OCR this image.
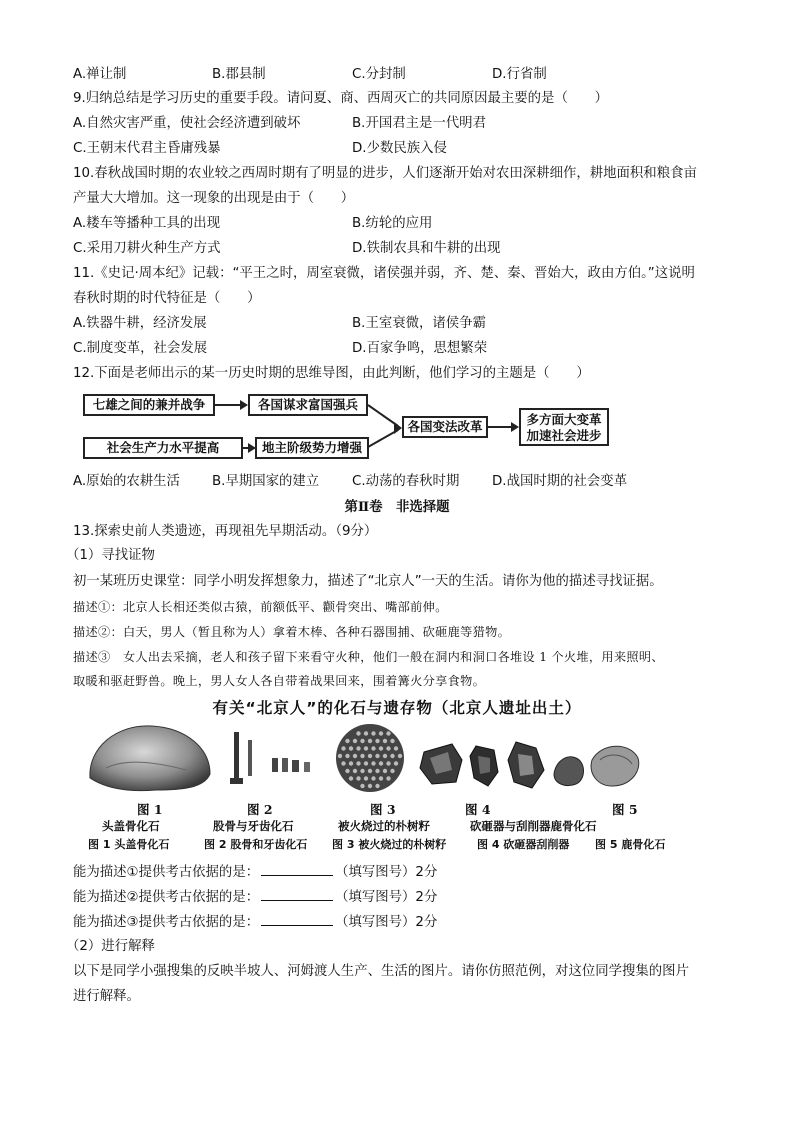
A.禅让制	B.郡县制	C.分封制	D.行省制
9.归纳总结是学习历史的重要手段。请问夏、商、西周灭亡的共同原因最主要的是（　　）
A.自然灾害严重，使社会经济遭到破坏	B.开国君主是一代明君
C.王朝末代君主昏庸残暴	D.少数民族入侵
10.春秋战国时期的农业较之西周时期有了明显的进步，人们逐渐开始对农田深耕细作，耕地面积和粮食亩
产量大大增加。这一现象的出现是由于（　　）
A.耧车等播种工具的出现	B.纺轮的应用
C.采用刀耕火种生产方式	D.铁制农具和牛耕的出现
11.《史记·周本纪》记载：“平王之时，周室衰微，诸侯强并弱，齐、楚、秦、晋始大，政由方伯。”这说明
春秋时期的时代特征是（　　）
A.铁器牛耕，经济发展	B.王室衰微，诸侯争霸
C.制度变革，社会发展	D.百家争鸣，思想繁荣
12.下面是老师出示的某一历史时期的思维导图，由此判断，他们学习的主题是（　　）
七雄之间的兼并战争	各国谋求富国强兵
社会生产力水平提高	地主阶级势力增强
各国变法改革	多方面大变革
加速社会进步
A.原始的农耕生活 B.早期国家的建立 C.动荡的春秋时期 D.战国时期的社会变革
第Ⅱ卷　非选择题
13.探索史前人类遗迹，再现祖先早期活动。（9分）
（1）寻找证物
初一某班历史课堂：同学小明发挥想象力，描述了“北京人”一天的生活。请你为他的描述寻找证据。
描述①：北京人长相还类似古猿，前额低平、颧骨突出、嘴部前伸。
描述②：白天，男人（暂且称为人）拿着木棒、各种石器围捕、砍砸鹿等猎物。
描述③　女人出去采摘，老人和孩子留下来看守火种，他们一般在洞内和洞口各堆设 1 个火堆，用来照明、
取暖和驱赶野兽。晚上，男人女人各自带着战果回来，围着篝火分享食物。
有关“北京人”的化石与遗存物（北京人遗址出土）
图 1	图 2	图 3	图 4	图 5
头盖骨化石	股骨与牙齿化石	被火烧过的朴树籽	砍砸器与刮削器鹿骨化石
图 1 头盖骨化石	图 2 股骨和牙齿化石 图 3 被火烧过的朴树籽	图 4 砍砸器刮削器 图 5 鹿骨化石
能为描述①提供考古依据的是：	（填写图号）2分
能为描述②提供考古依据的是：	（填写图号）2分
能为描述③提供考古依据的是：	（填写图号）2分
（2）进行解释
以下是同学小强搜集的反映半坡人、河姆渡人生产、生活的图片。请你仿照范例，对这位同学搜集的图片
进行解释。
